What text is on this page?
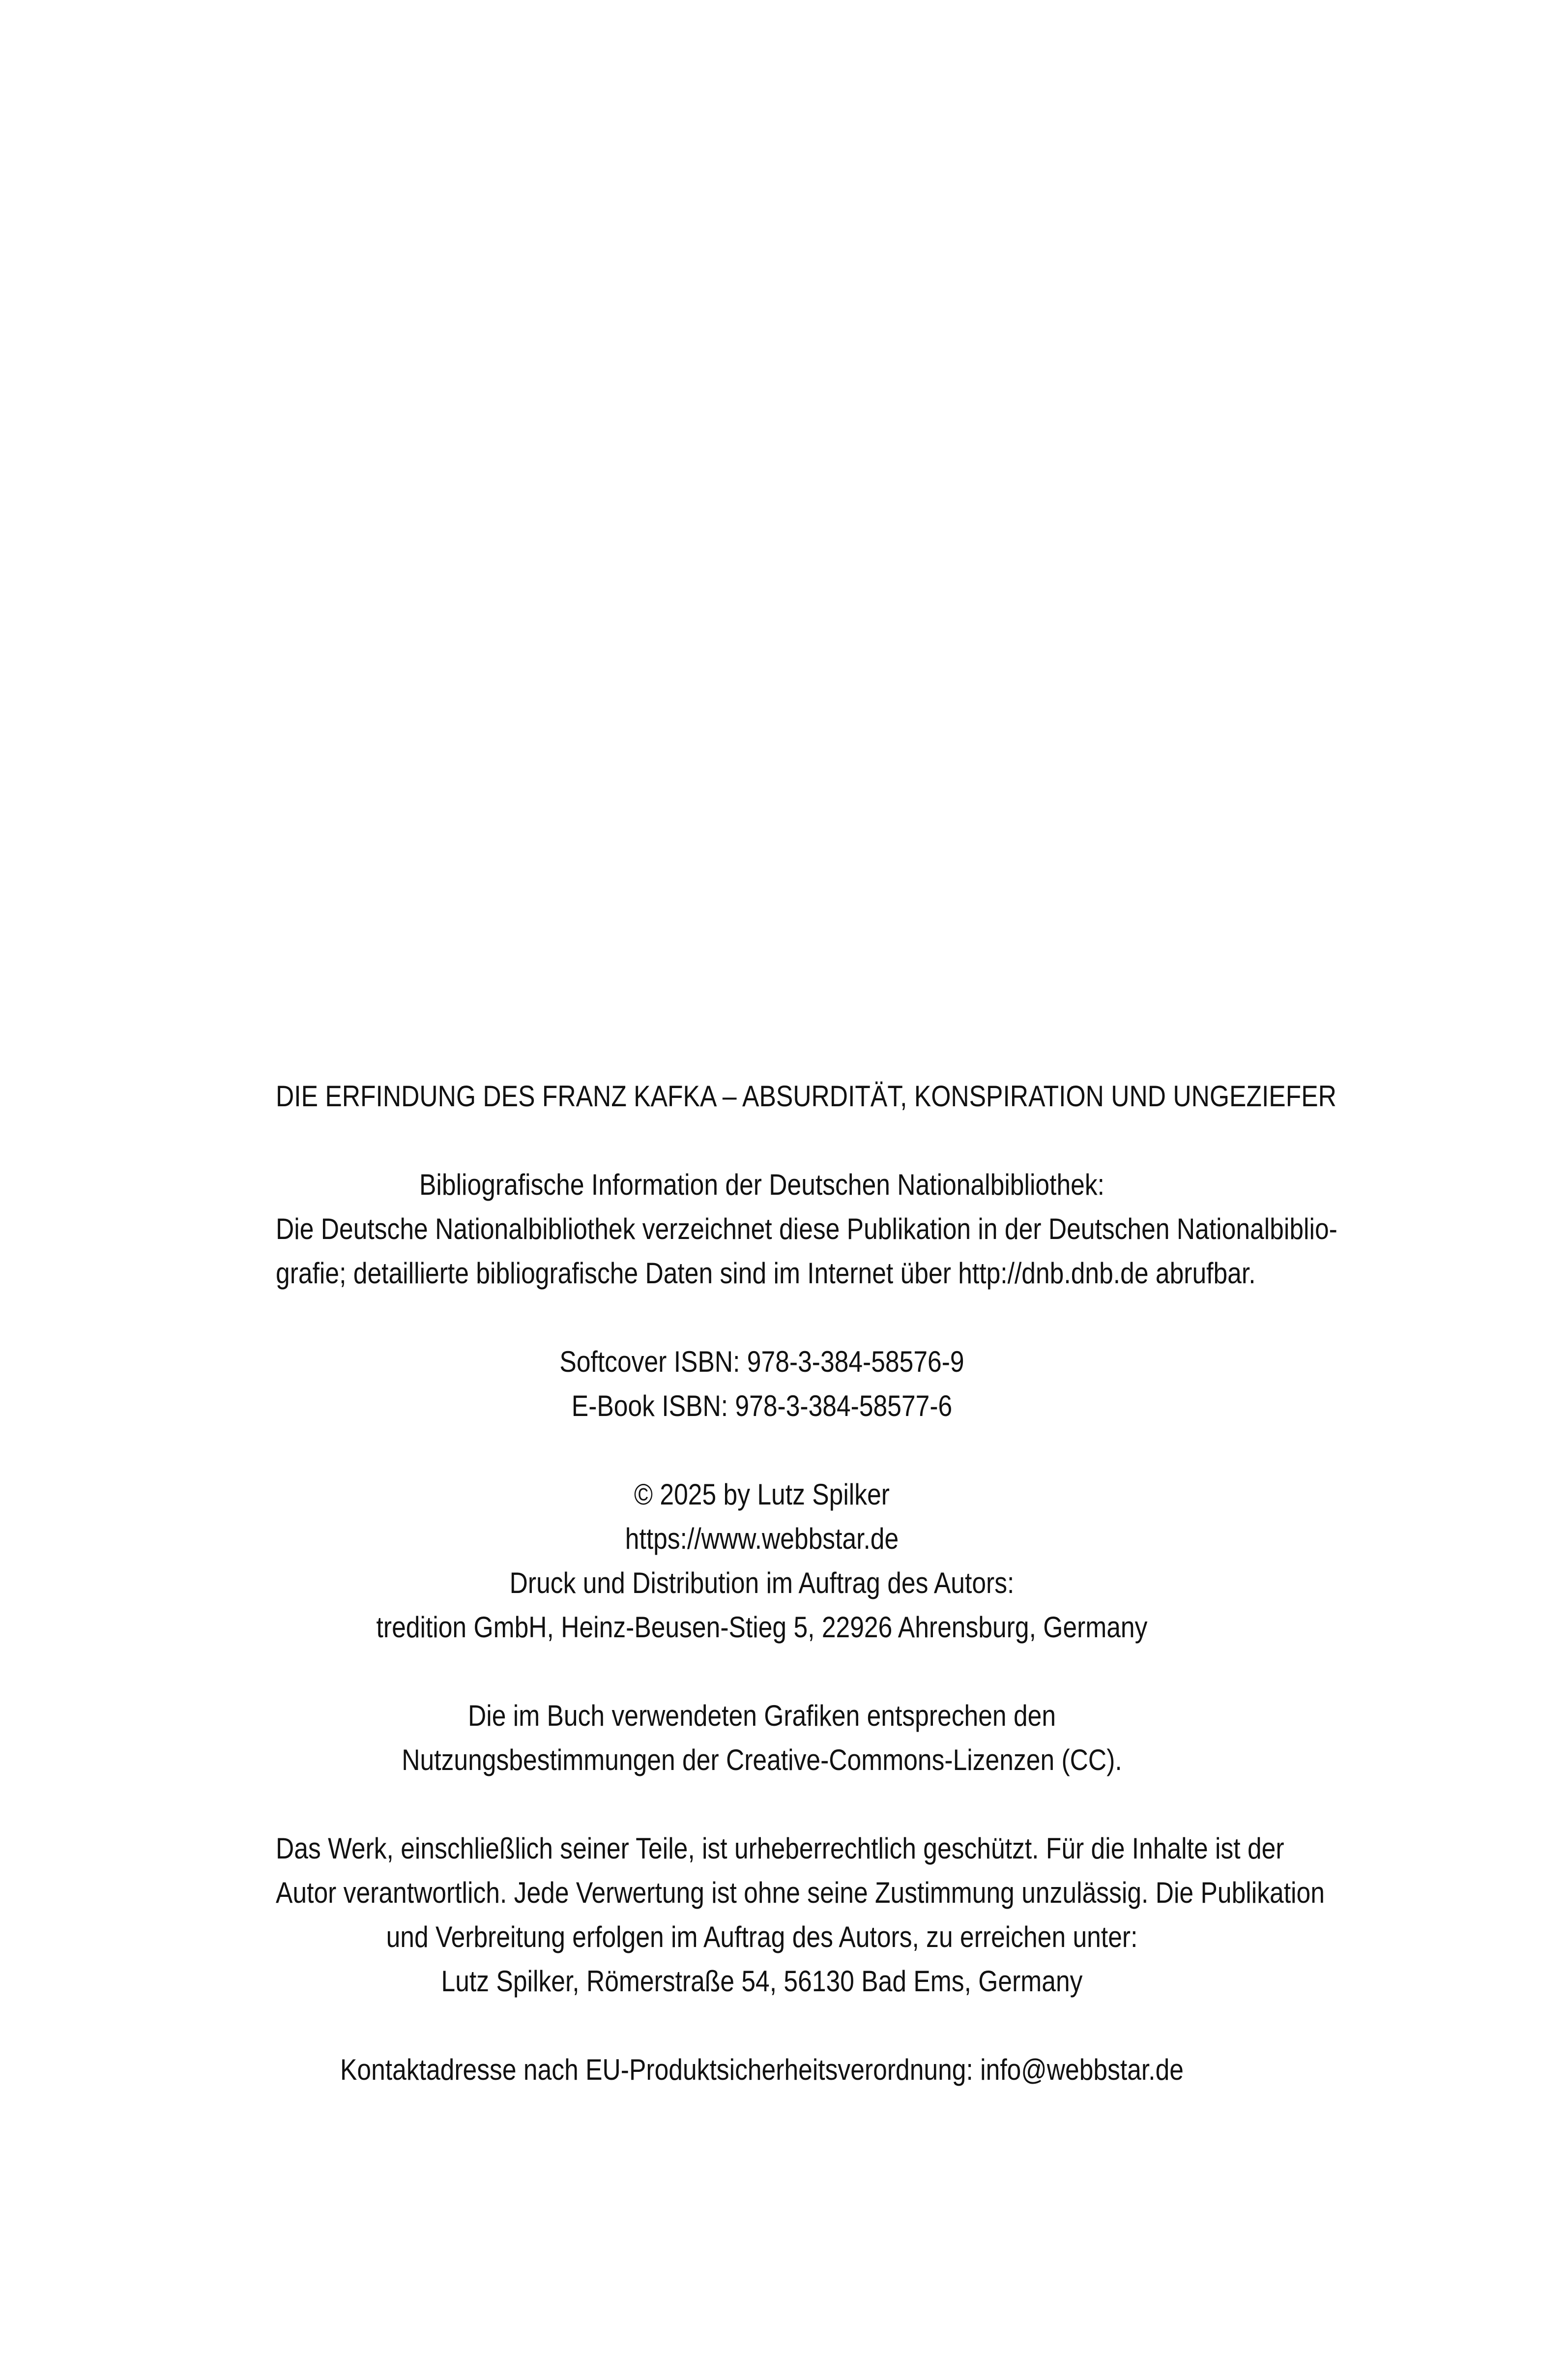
DIE ERFINDUNG DES FRANZ KAFKA – ABSURDITÄT, KONSPIRATION UND UNGEZIEFER

Bibliografische Information der Deutschen Nationalbibliothek:
Die Deutsche Nationalbibliothek verzeichnet diese Publikation in der Deutschen Nationalbiblio-
grafie; detaillierte bibliografische Daten sind im Internet über http://dnb.dnb.de abrufbar.

Softcover ISBN: 978-3-384-58576-9
E-Book ISBN: 978-3-384-58577-6

© 2025 by Lutz Spilker
https://www.webbstar.de
Druck und Distribution im Auftrag des Autors:
tredition GmbH, Heinz-Beusen-Stieg 5, 22926 Ahrensburg, Germany

Die im Buch verwendeten Grafiken entsprechen den
Nutzungsbestimmungen der Creative-Commons-Lizenzen (CC).

Das Werk, einschließlich seiner Teile, ist urheberrechtlich geschützt. Für die Inhalte ist der
Autor verantwortlich. Jede Verwertung ist ohne seine Zustimmung unzulässig. Die Publikation
und Verbreitung erfolgen im Auftrag des Autors, zu erreichen unter:
Lutz Spilker, Römerstraße 54, 56130 Bad Ems, Germany

Kontaktadresse nach EU-Produktsicherheitsverordnung: info@webbstar.de
